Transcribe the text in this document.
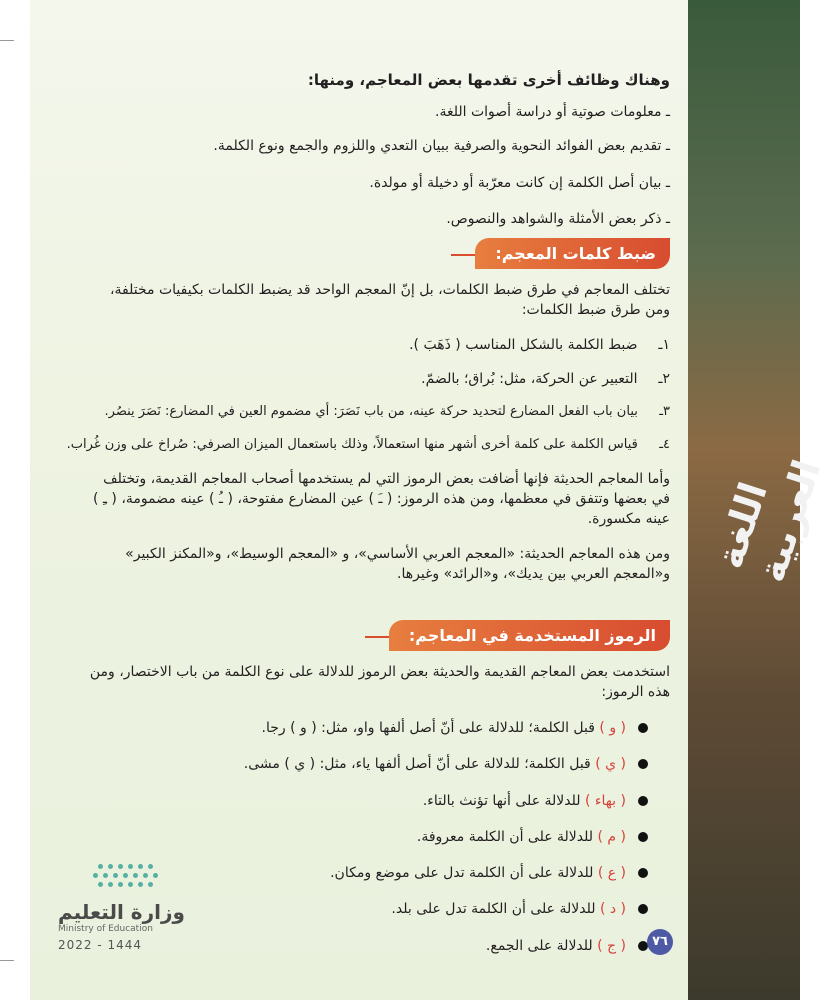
اللغة العربية
وهناك وظائف أخرى تقدمها بعض المعاجم، ومنها:
ـ معلومات صوتية أو دراسة أصوات اللغة.
ـ تقديم بعض الفوائد النحوية والصرفية ببيان التعدي واللزوم والجمع ونوع الكلمة.
ـ بيان أصل الكلمة إن كانت معرّبة أو دخيلة أو مولدة.
ـ ذكر بعض الأمثلة والشواهد والنصوص.
ضبط كلمات المعجم:
تختلف المعاجم في طرق ضبط الكلمات، بل إنّ المعجم الواحد قد يضبط الكلمات بكيفيات مختلفة،
ومن طرق ضبط الكلمات:
١ـ ضبط الكلمة بالشكل المناسب ( ذَهَبَ ).
٢ـ التعبير عن الحركة، مثل: بُراق؛ بالضمّ.
٣ـ بيان باب الفعل المضارع لتحديد حركة عينه، من باب نَصَرَ: أي مضموم العين في المضارع: نَصَرَ ينصُر.
٤ـ قياس الكلمة على كلمة أخرى أشهر منها استعمالاً، وذلك باستعمال الميزان الصرفي: صُراخ على وزن غُراب.
وأما المعاجم الحديثة فإنها أضافت بعض الرموز التي لم يستخدمها أصحاب المعاجم القديمة، وتختلف
في بعضها وتتفق في معظمها، ومن هذه الرموز: ( ـَ ) عين المضارع مفتوحة، ( ـُ ) عينه مضمومة، ( ـِ )
عينه مكسورة.
ومن هذه المعاجم الحديثة: «المعجم العربي الأساسي»، و «المعجم الوسيط»، و«المكنز الكبير»
و«المعجم العربي بين يديك»، و«الرائد» وغيرها.
الرموز المستخدمة في المعاجم:
استخدمت بعض المعاجم القديمة والحديثة بعض الرموز للدلالة على نوع الكلمة من باب الاختصار، ومن
هذه الرموز:
( و ) قبل الكلمة؛ للدلالة على أنّ أصل ألفها واو، مثل: ( و ) رجا.
( ي ) قبل الكلمة؛ للدلالة على أنّ أصل ألفها ياء، مثل: ( ي ) مشى.
( بهاء ) للدلالة على أنها تؤنث بالتاء.
( م ) للدلالة على أن الكلمة معروفة.
( ع ) للدلالة على أن الكلمة تدل على موضع ومكان.
( د ) للدلالة على أن الكلمة تدل على بلد.
( ج ) للدلالة على الجمع.
وزارة التعليم
Ministry of Education
2022 - 1444	٧٦
